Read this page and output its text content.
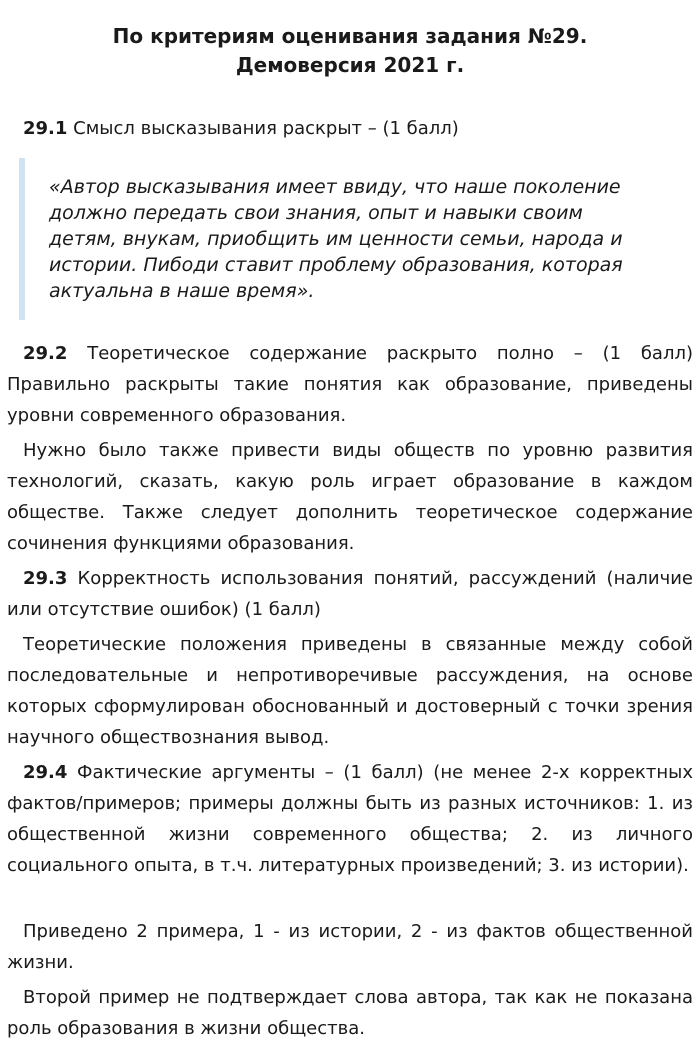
По критериям оценивания задания №29.
Демоверсия 2021 г.

29.1 Смысл высказывания раскрыт – (1 балл)

«Автор высказывания имеет ввиду, что наше поколение должно передать свои знания, опыт и навыки своим детям, внукам, приобщить им ценности семьи, народа и истории. Пибоди ставит проблему образования, которая актуальна в наше время».

29.2 Теоретическое содержание раскрыто полно – (1 балл) Правильно раскрыты такие понятия как образование, приведены уровни современного образования.

Нужно было также привести виды обществ по уровню развития технологий, сказать, какую роль играет образование в каждом обществе. Также следует дополнить теоретическое содержание сочинения функциями образования.

29.3 Корректность использования понятий, рассуждений (наличие или отсутствие ошибок) (1 балл)

Теоретические положения приведены в связанные между собой последовательные и непротиворечивые рассуждения, на основе которых сформулирован обоснованный и достоверный с точки зрения научного обществознания вывод.

29.4 Фактические аргументы – (1 балл) (не менее 2-х корректных фактов/примеров; примеры должны быть из разных источников: 1. из общественной жизни современного общества; 2. из личного социального опыта, в т.ч. литературных произведений; 3. из истории).

Приведено 2 примера, 1 - из истории, 2 - из фактов общественной жизни.

Второй пример не подтверждает слова автора, так как не показана роль образования в жизни общества.
